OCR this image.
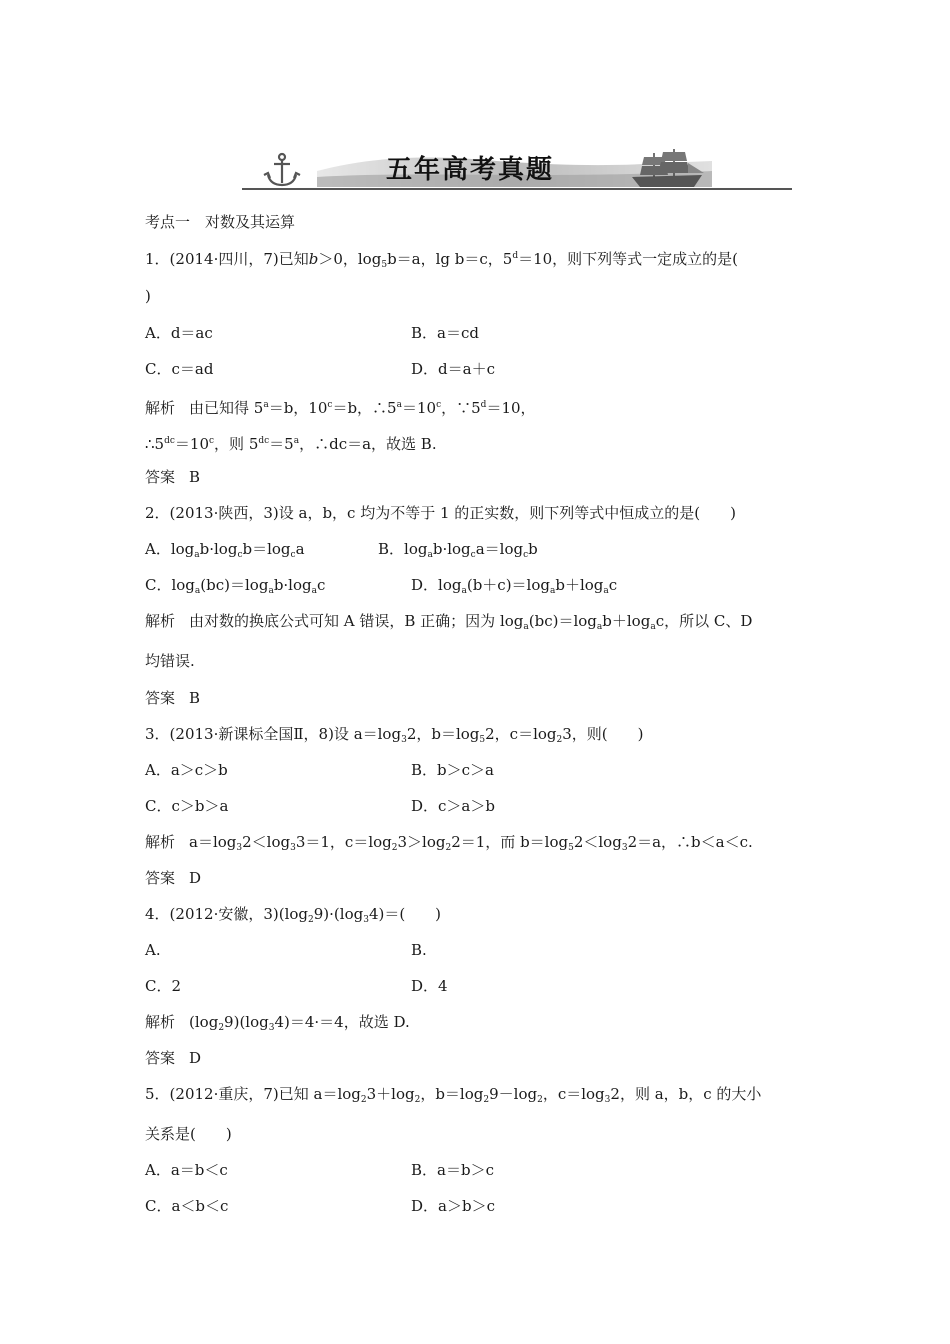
五年高考真题
考点一　对数及其运算
1．(2014·四川，7)已知b＞0，$\log_5b=a$，lg b＝c，$5^d=10$，则下列等式一定成立的是(
)
A．d＝ac	B．a＝cd
C．c＝ad	D．d＝a＋c
解析 由已知得 $5^a=b$，$10^c=b$，$\therefore 5^a=10^c$，$\because 5^d=10$，
$\therefore 5^{dc}=10^c$，则 $5^{dc}=5^a$，∴dc＝a，故选 B.
答案 B
2．(2013·陕西，3)设 a，b，c 均为不等于 1 的正实数，则下列等式中恒成立的是(　　)
A．$\log_ab\cdot\log_cb=\log_ca$	B．$\log_ab\cdot\log_ca=\log_cb$
C．$\log_a(bc)=\log_ab\cdot\log_ac$	D．$\log_a(b+c)=\log_ab+\log_ac$
解析 由对数的换底公式可知 A 错误，B 正确；因为 $\log_a(bc)=\log_ab+\log_ac$，所以 C、D
均错误.
答案 B
3．(2013·新课标全国Ⅱ，8)设 $a=\log_32$，$b=\log_52$，$c=\log_23$，则(　　)
A．a＞c＞b	B．b＞c＞a
C．c＞b＞a	D．c＞a＞b
解析 $a=\log_32<\log_33=1$，$c=\log_23>\log_22=1$，而 $b=\log_52<\log_32=a$，∴b＜a＜c.
答案 D
4．(2012·安徽，$3)(\log_29)\cdot(\log_34)=$(　　)
A.	B.
C．2	D．4
解析 $(\log_29)(\log_34)=4\cdot=4$，故选 D.
答案 D
5．(2012·重庆，7)已知 $a=\log_23+\log_2$，$b=\log_29-\log_2$，$c=\log_32$，则 a，b，c 的大小
关系是(　　)
A．a＝b＜c	B．a＝b＞c
C．a＜b＜c	D．a＞b＞c
